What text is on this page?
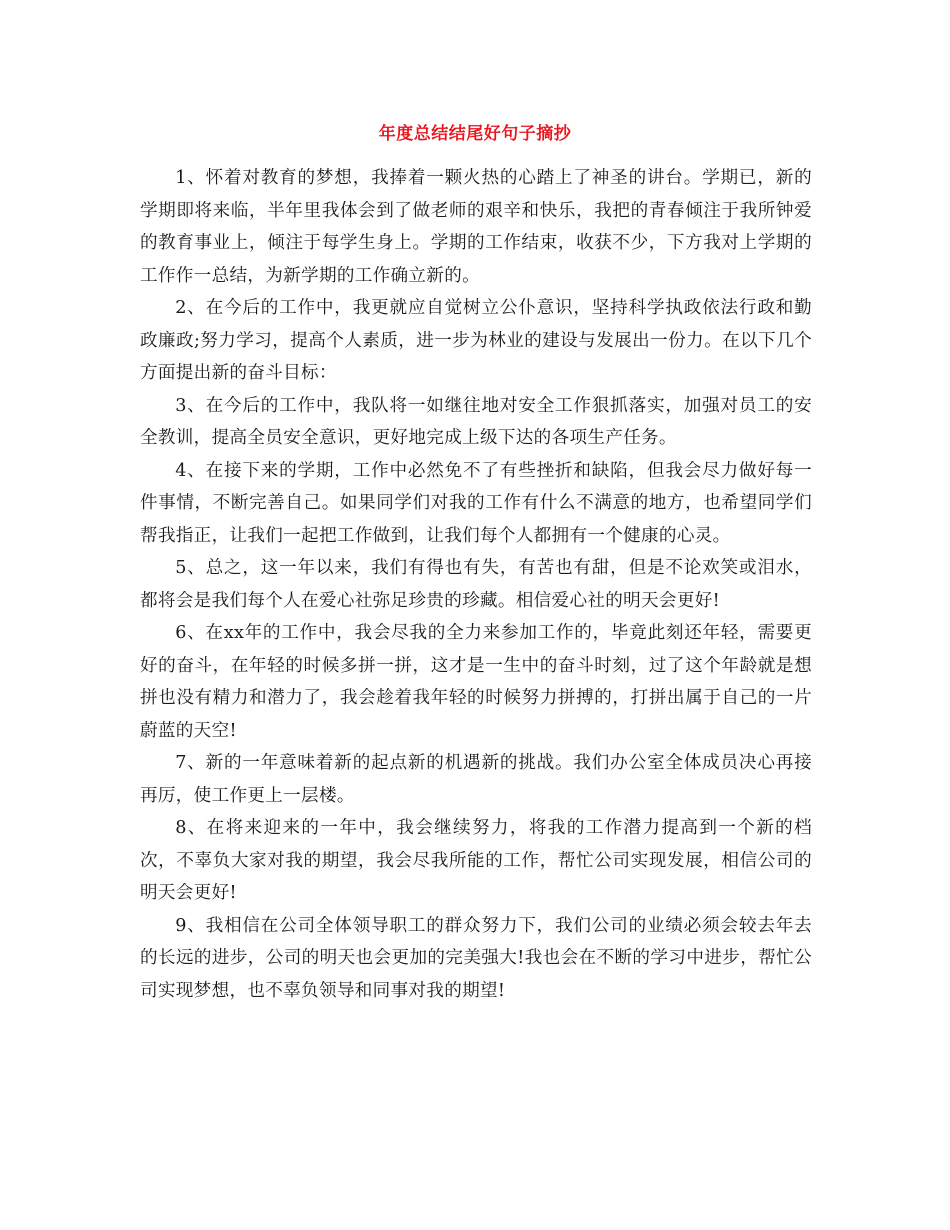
年度总结结尾好句子摘抄

1、怀着对教育的梦想，我捧着一颗火热的心踏上了神圣的讲台。学期已，新的学期即将来临，半年里我体会到了做老师的艰辛和快乐，我把的青春倾注于我所钟爱的教育事业上，倾注于每学生身上。学期的工作结束，收获不少，下方我对上学期的工作作一总结，为新学期的工作确立新的。

2、在今后的工作中，我更就应自觉树立公仆意识，坚持科学执政依法行政和勤政廉政;努力学习，提高个人素质，进一步为林业的建设与发展出一份力。在以下几个方面提出新的奋斗目标：

3、在今后的工作中，我队将一如继往地对安全工作狠抓落实，加强对员工的安全教训，提高全员安全意识，更好地完成上级下达的各项生产任务。

4、在接下来的学期，工作中必然免不了有些挫折和缺陷，但我会尽力做好每一件事情，不断完善自己。如果同学们对我的工作有什么不满意的地方，也希望同学们帮我指正，让我们一起把工作做到，让我们每个人都拥有一个健康的心灵。

5、总之，这一年以来，我们有得也有失，有苦也有甜，但是不论欢笑或泪水，都将会是我们每个人在爱心社弥足珍贵的珍藏。相信爱心社的明天会更好!

6、在xx年的工作中，我会尽我的全力来参加工作的，毕竟此刻还年轻，需要更好的奋斗，在年轻的时候多拼一拼，这才是一生中的奋斗时刻，过了这个年龄就是想拼也没有精力和潜力了，我会趁着我年轻的时候努力拼搏的，打拼出属于自己的一片蔚蓝的天空!

7、新的一年意味着新的起点新的机遇新的挑战。我们办公室全体成员决心再接再厉，使工作更上一层楼。

8、在将来迎来的一年中，我会继续努力，将我的工作潜力提高到一个新的档次，不辜负大家对我的期望，我会尽我所能的工作，帮忙公司实现发展，相信公司的明天会更好!

9、我相信在公司全体领导职工的群众努力下，我们公司的业绩必须会较去年去的长远的进步，公司的明天也会更加的完美强大!我也会在不断的学习中进步，帮忙公司实现梦想，也不辜负领导和同事对我的期望!
